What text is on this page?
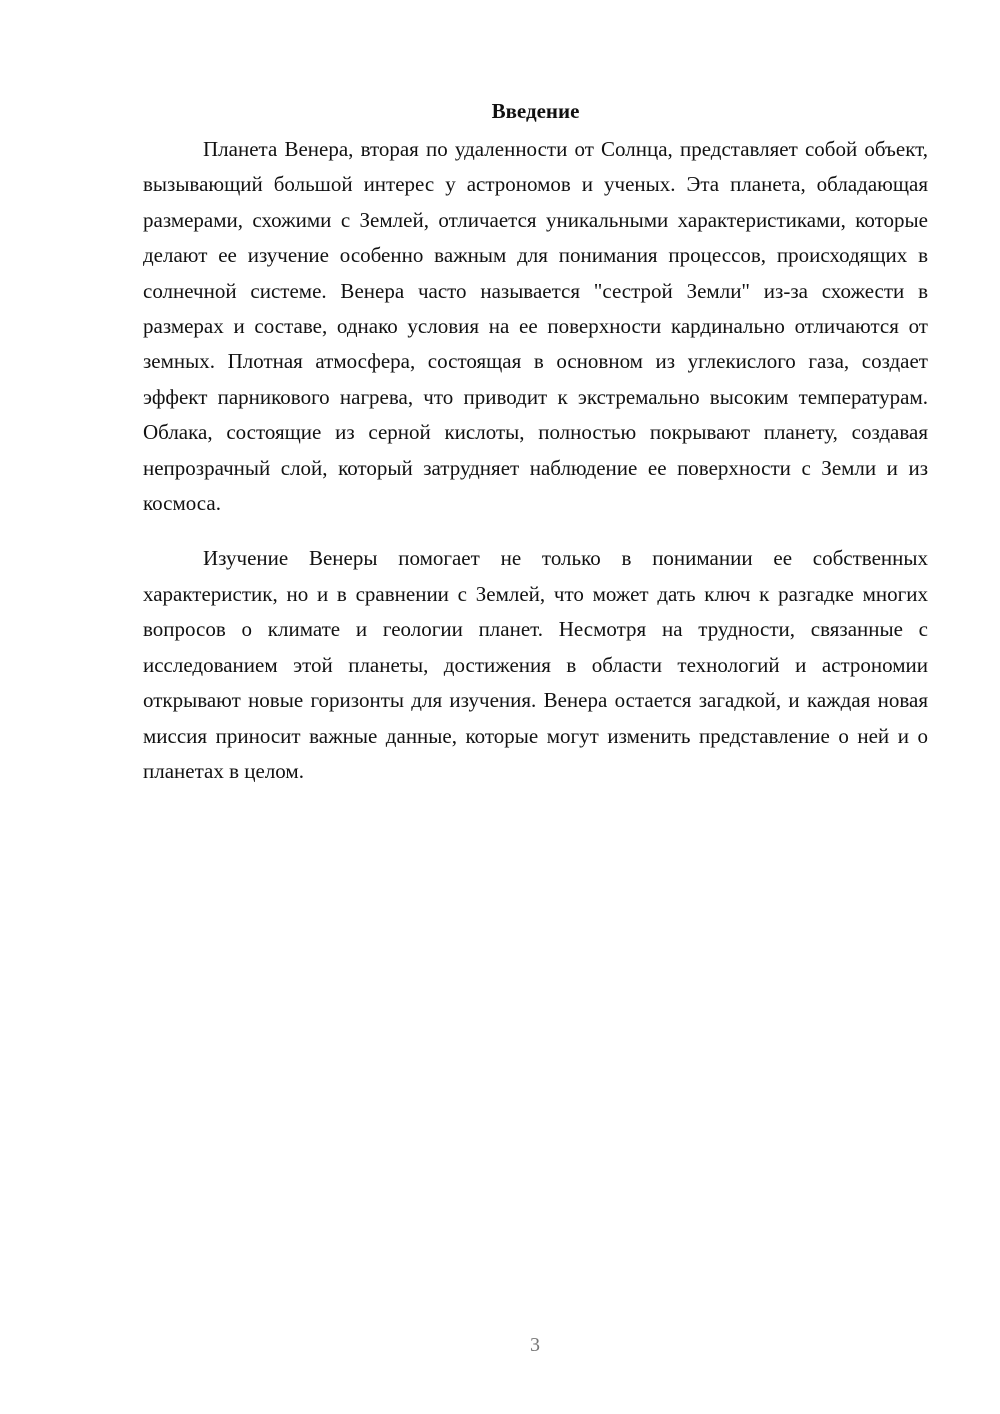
Введение

Планета Венера, вторая по удаленности от Солнца, представляет собой объект, вызывающий большой интерес у астрономов и ученых. Эта планета, обладающая размерами, схожими с Землей, отличается уникальными характеристиками, которые делают ее изучение особенно важным для понимания процессов, происходящих в солнечной системе. Венера часто называется "сестрой Земли" из-за схожести в размерах и составе, однако условия на ее поверхности кардинально отличаются от земных. Плотная атмосфера, состоящая в основном из углекислого газа, создает эффект парникового нагрева, что приводит к экстремально высоким температурам. Облака, состоящие из серной кислоты, полностью покрывают планету, создавая непрозрачный слой, который затрудняет наблюдение ее поверхности с Земли и из космоса.

Изучение Венеры помогает не только в понимании ее собственных характеристик, но и в сравнении с Землей, что может дать ключ к разгадке многих вопросов о климате и геологии планет. Несмотря на трудности, связанные с исследованием этой планеты, достижения в области технологий и астрономии открывают новые горизонты для изучения. Венера остается загадкой, и каждая новая миссия приносит важные данные, которые могут изменить представление о ней и о планетах в целом.

3
